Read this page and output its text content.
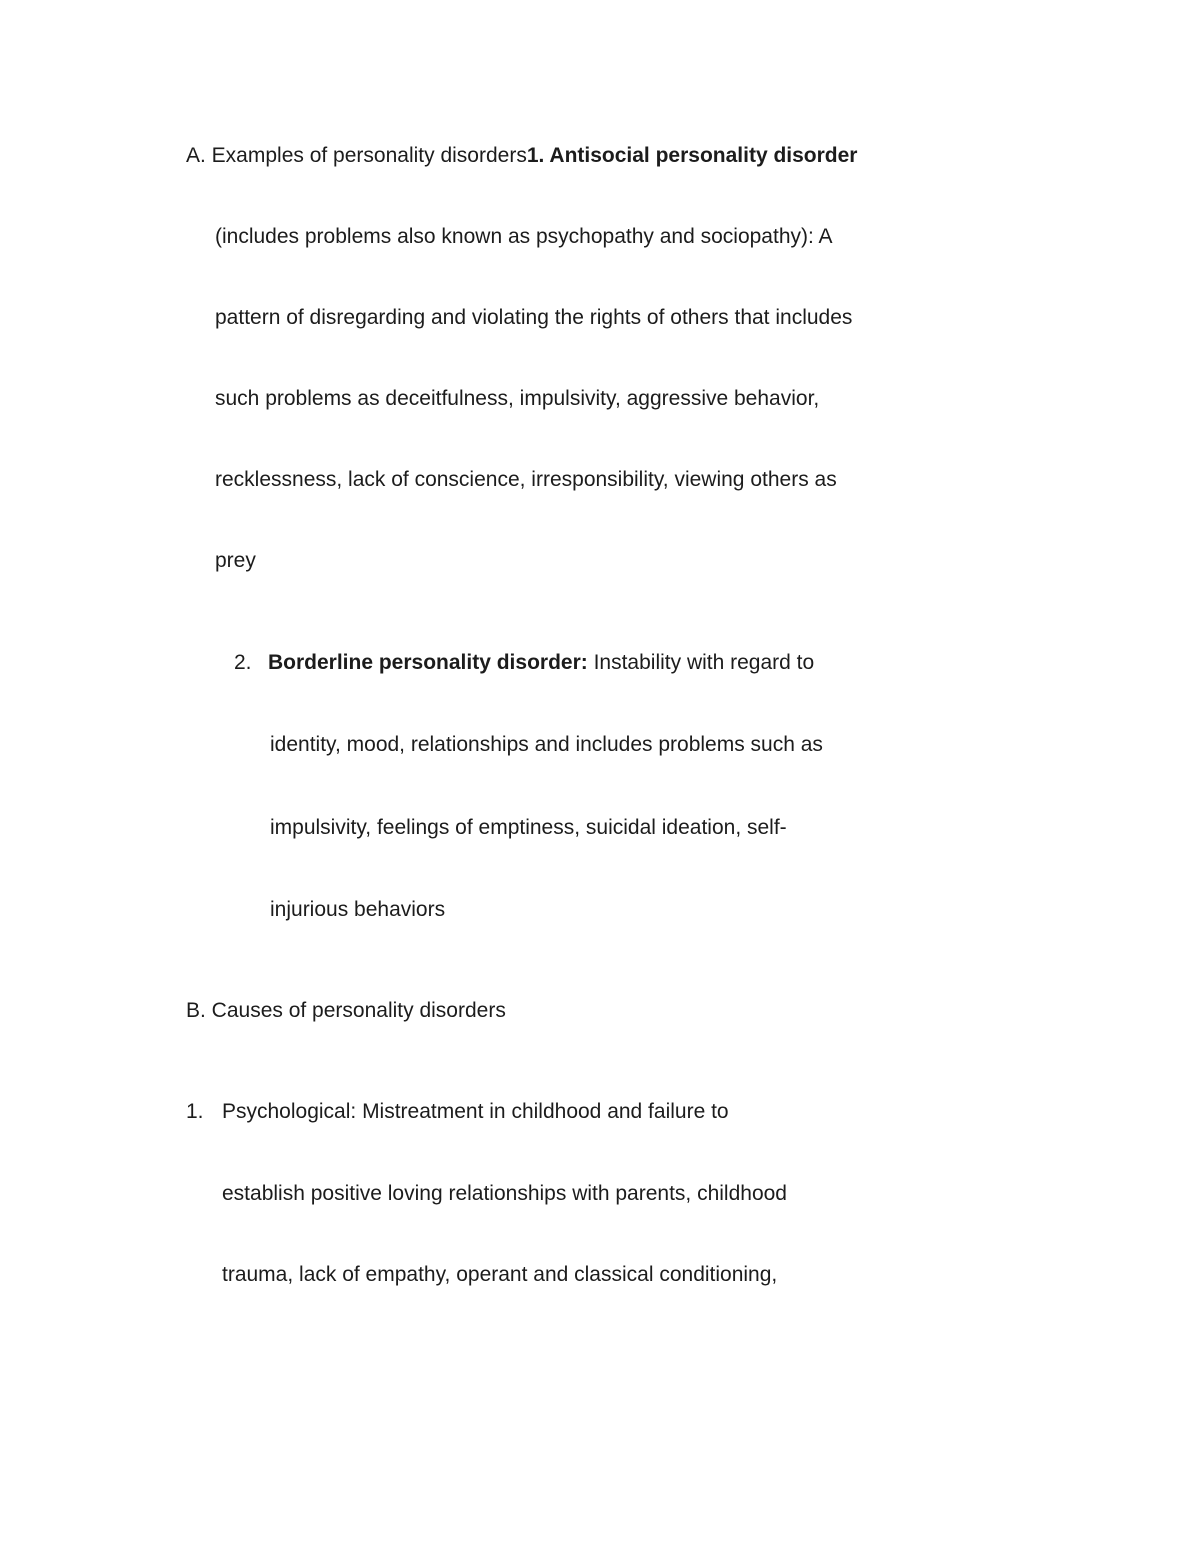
A. Examples of personality disorders1. Antisocial personality disorder
(includes problems also known as psychopathy and sociopathy): A
pattern of disregarding and violating the rights of others that includes
such problems as deceitfulness, impulsivity, aggressive behavior,
recklessness, lack of conscience, irresponsibility, viewing others as
prey
2. Borderline personality disorder: Instability with regard to
identity, mood, relationships and includes problems such as
impulsivity, feelings of emptiness, suicidal ideation, self-
injurious behaviors
B. Causes of personality disorders
1. Psychological: Mistreatment in childhood and failure to
establish positive loving relationships with parents, childhood
trauma, lack of empathy, operant and classical conditioning,
